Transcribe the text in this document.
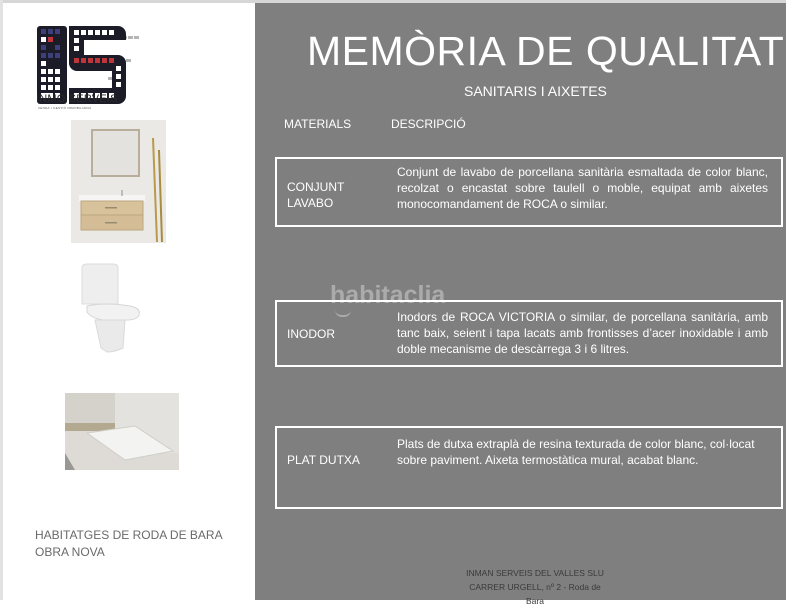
INMO SERVEIS
VENDA I GESTIÓ IMMOBILIÀRIA
HABITATGES DE RODA DE BARA
OBRA NOVA
MEMÒRIA DE QUALITATS
SANITARIS I AIXETES
MATERIALS	DESCRIPCIÓ
CONJUNT
LAVABO
Conjunt de lavabo de porcellana sanitària esmaltada de color blanc, recolzat o encastat sobre taulell o moble, equipat amb aixetes monocomandament de ROCA o similar.
INODOR
Inodors de ROCA VICTORIA o similar, de porcellana sanitària, amb tanc baix, seient i tapa lacats amb frontisses d’acer inoxidable i amb doble mecanisme de descàrrega 3 i 6 litres.
PLAT DUTXA
Plats de dutxa extraplà de resina texturada de color blanc, col·locat sobre paviment. Aixeta termostàtica mural, acabat blanc.
habitaclia
INMAN SERVEIS DEL VALLES SLU
CARRER URGELL, nº 2 - Roda de
Bara
